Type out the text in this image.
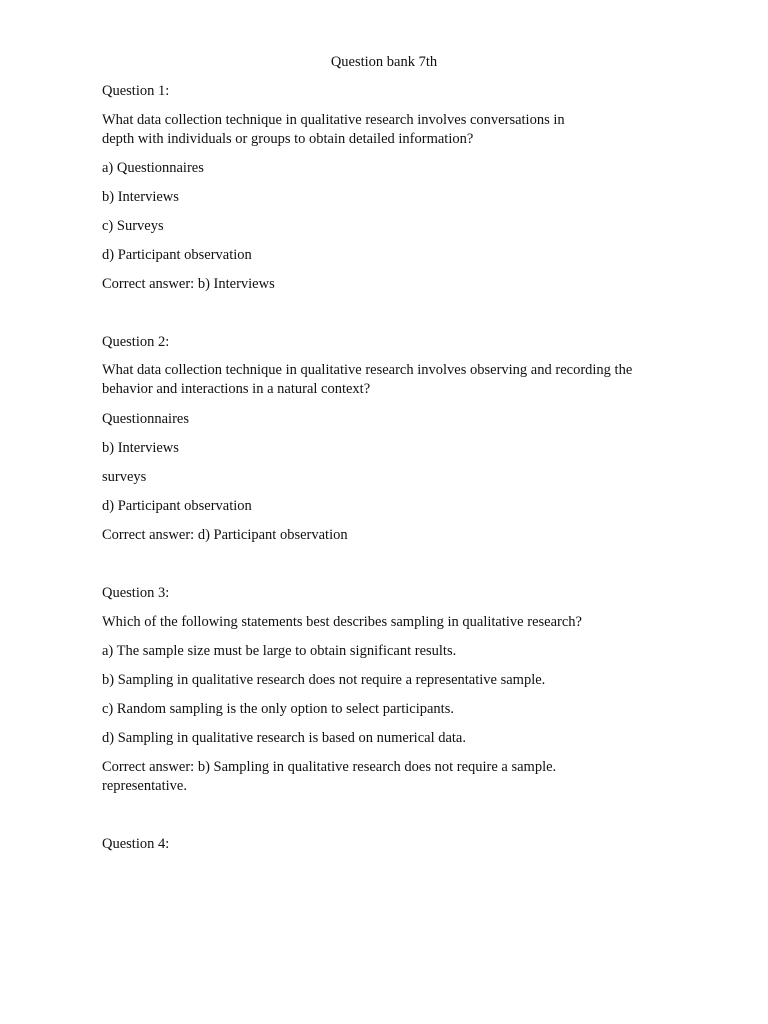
Question bank 7th
Question 1:
What data collection technique in qualitative research involves conversations in
depth with individuals or groups to obtain detailed information?
a) Questionnaires
b) Interviews
c) Surveys
d) Participant observation
Correct answer: b) Interviews
Question 2:
What data collection technique in qualitative research involves observing and recording the
behavior and interactions in a natural context?
Questionnaires
b) Interviews
surveys
d) Participant observation
Correct answer: d) Participant observation
Question 3:
Which of the following statements best describes sampling in qualitative research?
a) The sample size must be large to obtain significant results.
b) Sampling in qualitative research does not require a representative sample.
c) Random sampling is the only option to select participants.
d) Sampling in qualitative research is based on numerical data.
Correct answer: b) Sampling in qualitative research does not require a sample.
representative.
Question 4:
